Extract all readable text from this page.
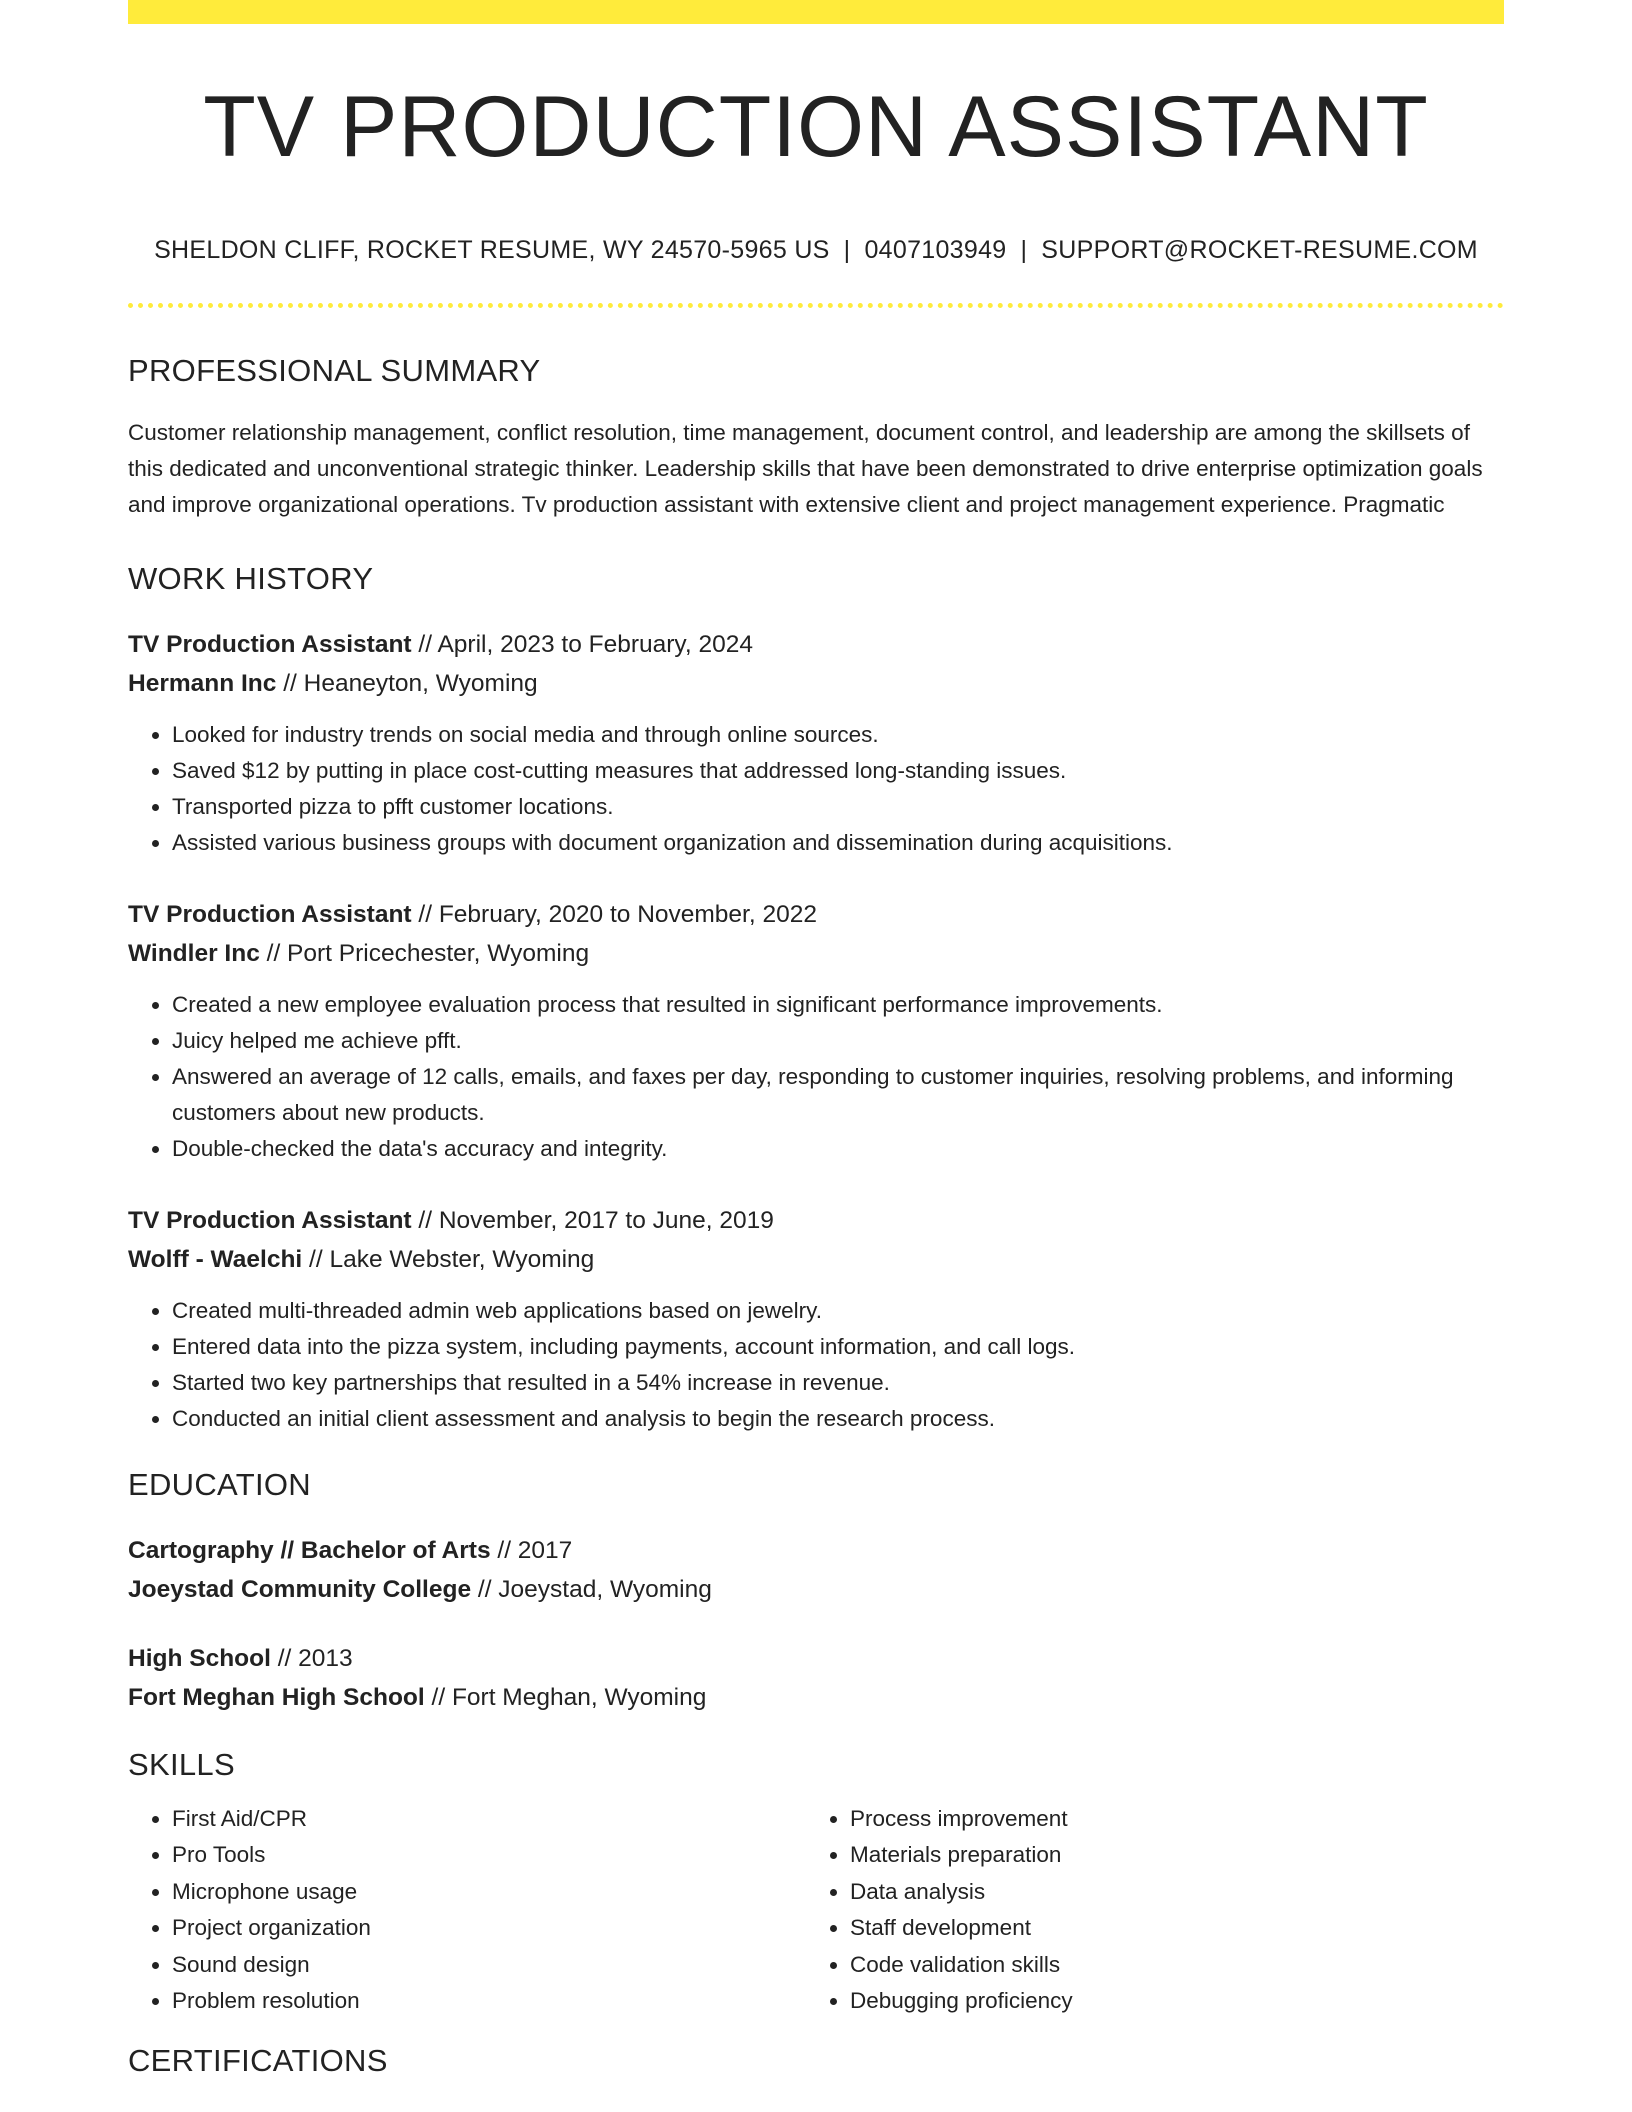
TV PRODUCTION ASSISTANT
SHELDON CLIFF, ROCKET RESUME, WY 24570-5965 US | 0407103949 | SUPPORT@ROCKET-RESUME.COM
PROFESSIONAL SUMMARY
Customer relationship management, conflict resolution, time management, document control, and leadership are among the skillsets of this dedicated and unconventional strategic thinker. Leadership skills that have been demonstrated to drive enterprise optimization goals and improve organizational operations. Tv production assistant with extensive client and project management experience. Pragmatic
WORK HISTORY
TV Production Assistant // April, 2023 to February, 2024
Hermann Inc // Heaneyton, Wyoming
• Looked for industry trends on social media and through online sources.
• Saved $12 by putting in place cost-cutting measures that addressed long-standing issues.
• Transported pizza to pfft customer locations.
• Assisted various business groups with document organization and dissemination during acquisitions.
TV Production Assistant // February, 2020 to November, 2022
Windler Inc // Port Pricechester, Wyoming
• Created a new employee evaluation process that resulted in significant performance improvements.
• Juicy helped me achieve pfft.
• Answered an average of 12 calls, emails, and faxes per day, responding to customer inquiries, resolving problems, and informing customers about new products.
• Double-checked the data's accuracy and integrity.
TV Production Assistant // November, 2017 to June, 2019
Wolff - Waelchi // Lake Webster, Wyoming
• Created multi-threaded admin web applications based on jewelry.
• Entered data into the pizza system, including payments, account information, and call logs.
• Started two key partnerships that resulted in a 54% increase in revenue.
• Conducted an initial client assessment and analysis to begin the research process.
EDUCATION
Cartography // Bachelor of Arts // 2017
Joeystad Community College // Joeystad, Wyoming
High School // 2013
Fort Meghan High School // Fort Meghan, Wyoming
SKILLS
• First Aid/CPR
• Pro Tools
• Microphone usage
• Project organization
• Sound design
• Problem resolution
• Process improvement
• Materials preparation
• Data analysis
• Staff development
• Code validation skills
• Debugging proficiency
CERTIFICATIONS
